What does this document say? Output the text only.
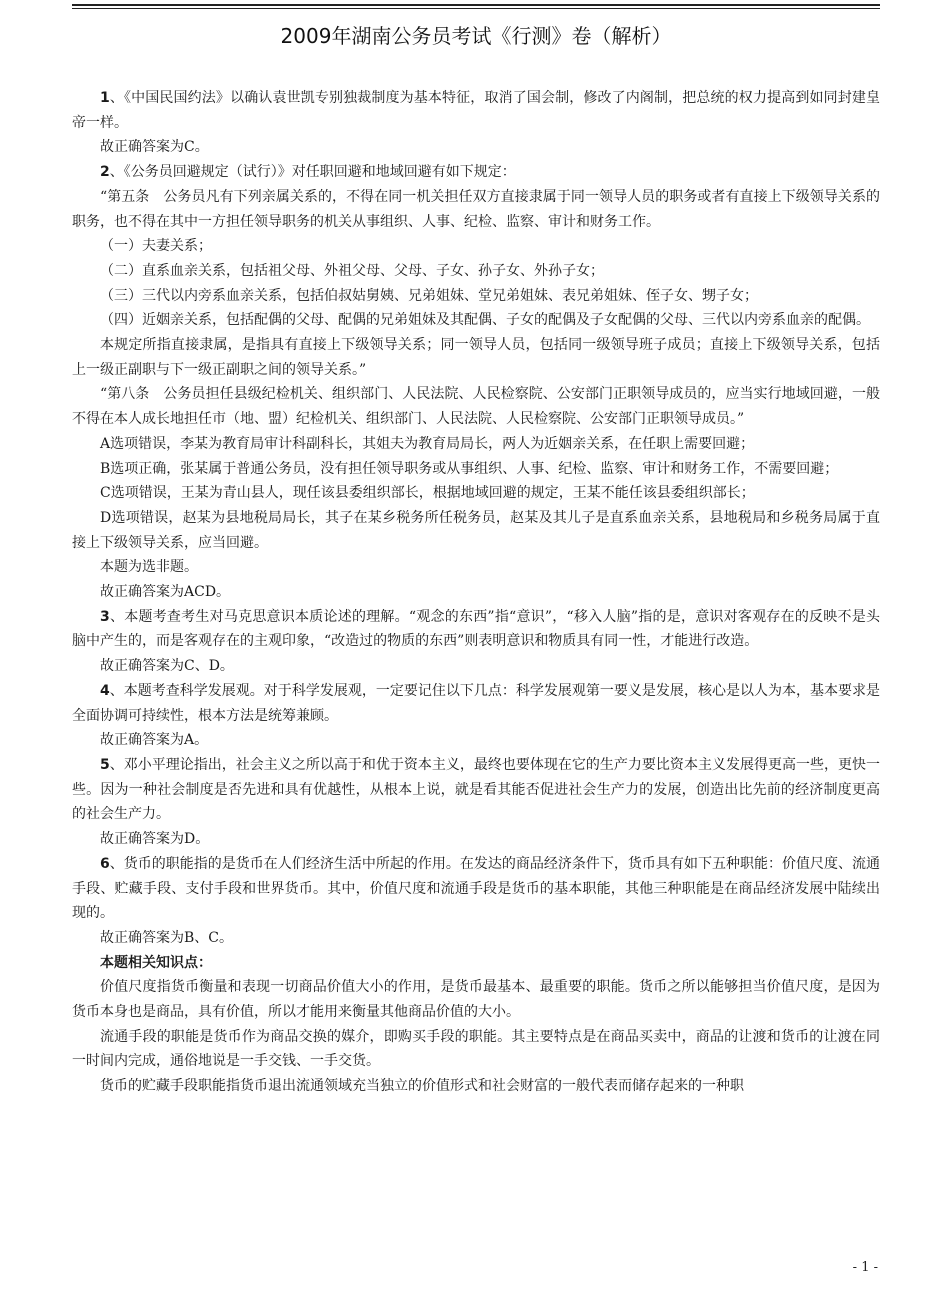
2009年湖南公务员考试《行测》卷（解析）

1、《中国民国约法》以确认袁世凯专别独裁制度为基本特征，取消了国会制，修改了内阁制，把总统的权力提高到如同封建皇帝一样。

故正确答案为C。

2、《公务员回避规定（试行）》对任职回避和地域回避有如下规定：

“第五条　公务员凡有下列亲属关系的，不得在同一机关担任双方直接隶属于同一领导人员的职务或者有直接上下级领导关系的职务，也不得在其中一方担任领导职务的机关从事组织、人事、纪检、监察、审计和财务工作。

（一）夫妻关系；

（二）直系血亲关系，包括祖父母、外祖父母、父母、子女、孙子女、外孙子女；

（三）三代以内旁系血亲关系，包括伯叔姑舅姨、兄弟姐妹、堂兄弟姐妹、表兄弟姐妹、侄子女、甥子女；

（四）近姻亲关系，包括配偶的父母、配偶的兄弟姐妹及其配偶、子女的配偶及子女配偶的父母、三代以内旁系血亲的配偶。

本规定所指直接隶属，是指具有直接上下级领导关系；同一领导人员，包括同一级领导班子成员；直接上下级领导关系，包括上一级正副职与下一级正副职之间的领导关系。”

“第八条　公务员担任县级纪检机关、组织部门、人民法院、人民检察院、公安部门正职领导成员的，应当实行地域回避，一般不得在本人成长地担任市（地、盟）纪检机关、组织部门、人民法院、人民检察院、公安部门正职领导成员。”

A选项错误，李某为教育局审计科副科长，其姐夫为教育局局长，两人为近姻亲关系，在任职上需要回避；

B选项正确，张某属于普通公务员，没有担任领导职务或从事组织、人事、纪检、监察、审计和财务工作，不需要回避；

C选项错误，王某为青山县人，现任该县委组织部长，根据地域回避的规定，王某不能任该县委组织部长；

D选项错误，赵某为县地税局局长，其子在某乡税务所任税务员，赵某及其儿子是直系血亲关系，县地税局和乡税务局属于直接上下级领导关系，应当回避。

本题为选非题。

故正确答案为ACD。

3、本题考查考生对马克思意识本质论述的理解。“观念的东西”指“意识”，“移入人脑”指的是，意识对客观存在的反映不是头脑中产生的，而是客观存在的主观印象，“改造过的物质的东西”则表明意识和物质具有同一性，才能进行改造。

故正确答案为C、D。

4、本题考查科学发展观。对于科学发展观，一定要记住以下几点：科学发展观第一要义是发展，核心是以人为本，基本要求是全面协调可持续性，根本方法是统筹兼顾。

故正确答案为A。

5、邓小平理论指出，社会主义之所以高于和优于资本主义，最终也要体现在它的生产力要比资本主义发展得更高一些，更快一些。因为一种社会制度是否先进和具有优越性，从根本上说，就是看其能否促进社会生产力的发展，创造出比先前的经济制度更高的社会生产力。

故正确答案为D。

6、货币的职能指的是货币在人们经济生活中所起的作用。在发达的商品经济条件下，货币具有如下五种职能：价值尺度、流通手段、贮藏手段、支付手段和世界货币。其中，价值尺度和流通手段是货币的基本职能，其他三种职能是在商品经济发展中陆续出现的。

故正确答案为B、C。

本题相关知识点：

价值尺度指货币衡量和表现一切商品价值大小的作用，是货币最基本、最重要的职能。货币之所以能够担当价值尺度，是因为货币本身也是商品，具有价值，所以才能用来衡量其他商品价值的大小。

流通手段的职能是货币作为商品交换的媒介，即购买手段的职能。其主要特点是在商品买卖中，商品的让渡和货币的让渡在同一时间内完成，通俗地说是一手交钱、一手交货。

货币的贮藏手段职能指货币退出流通领域充当独立的价值形式和社会财富的一般代表而储存起来的一种职

- 1 -
